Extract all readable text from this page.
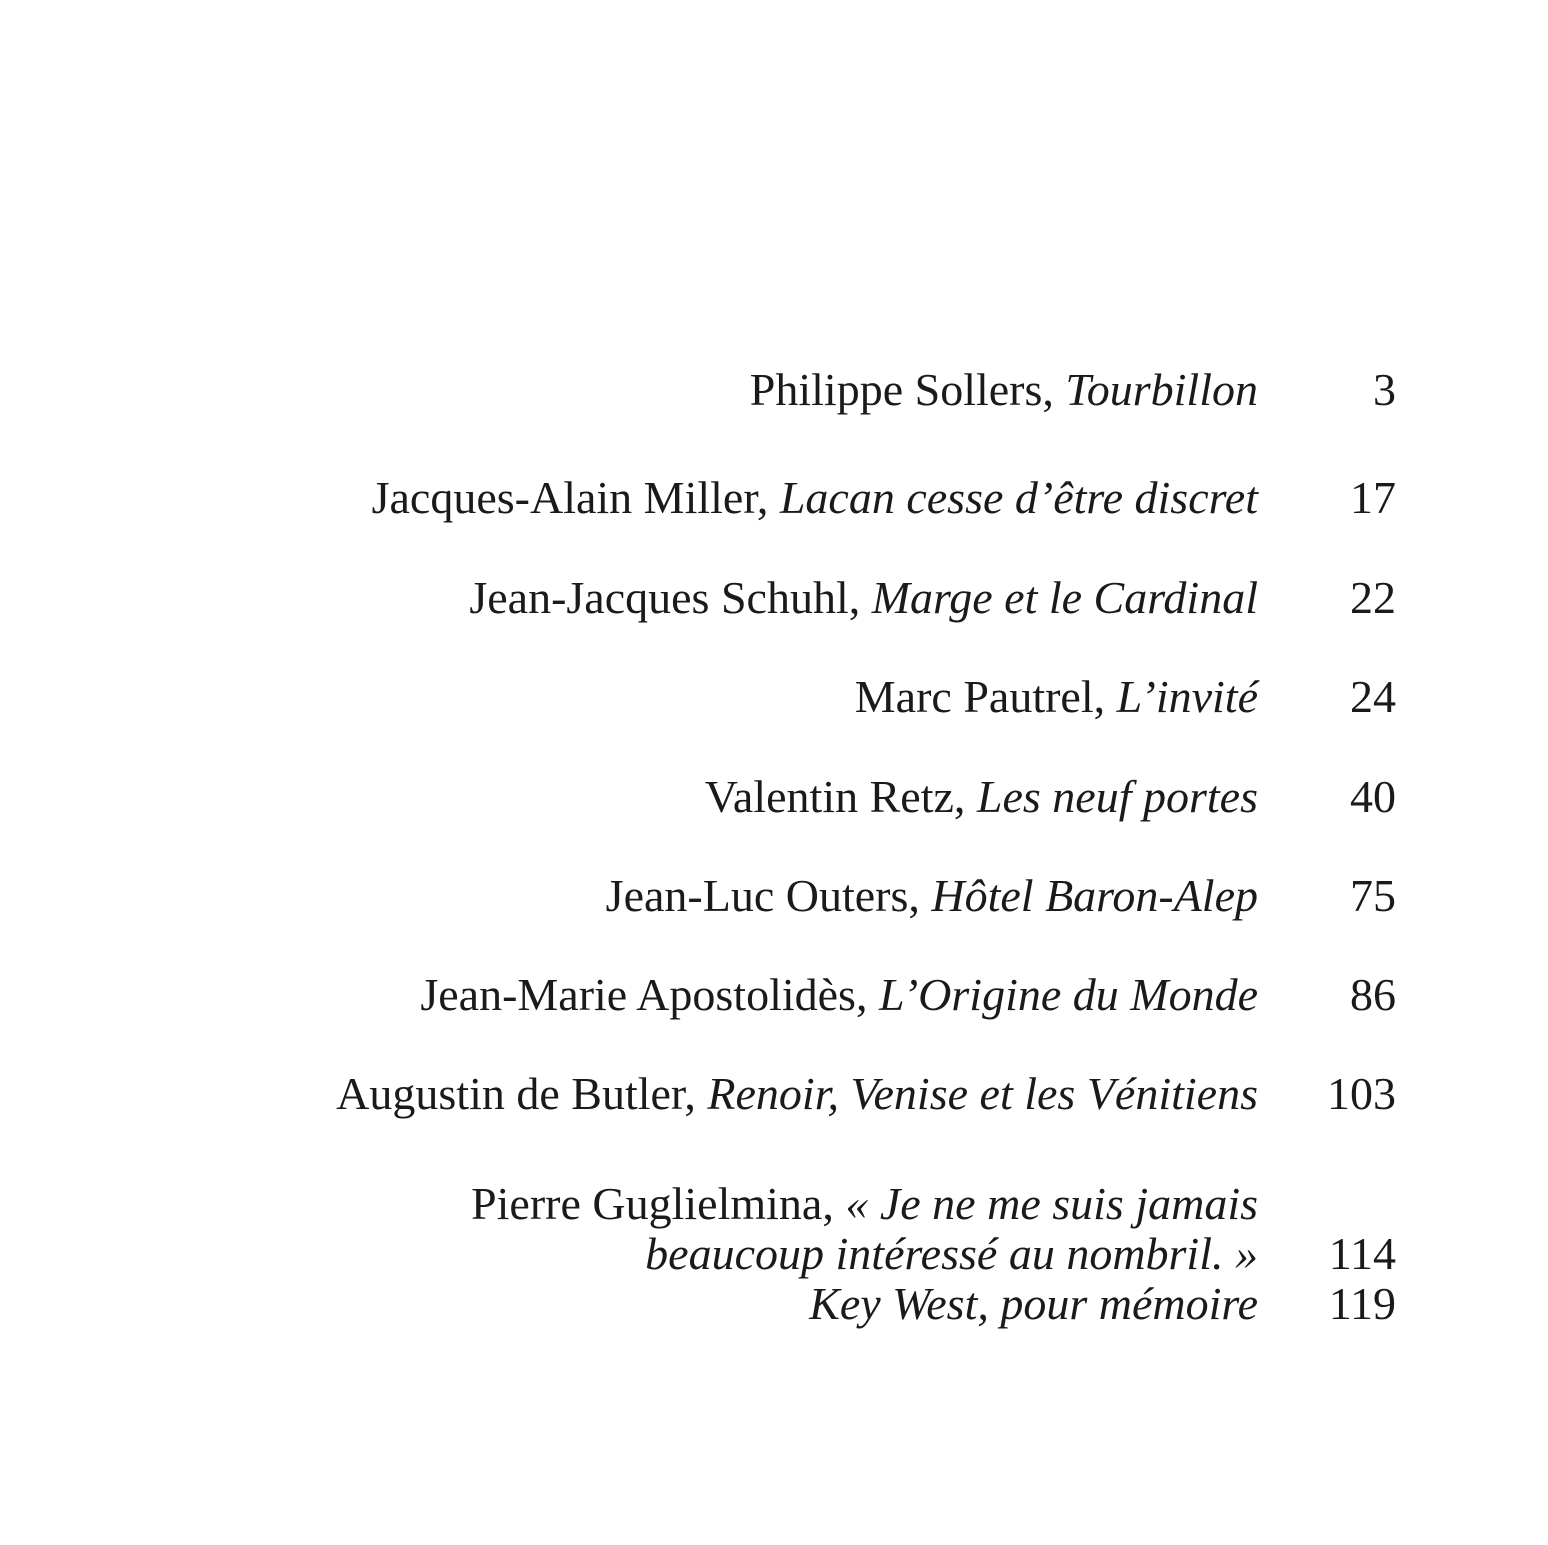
Philippe Sollers, Tourbillon	3
Jacques-Alain Miller, Lacan cesse d’être discret 17
Jean-Jacques Schuhl, Marge et le Cardinal 22
Marc Pautrel, L’invité 24
Valentin Retz, Les neuf portes 40
Jean-Luc Outers, Hôtel Baron-Alep 75
Jean-Marie Apostolidès, L’Origine du Monde 86
Augustin de Butler, Renoir, Venise et les Vénitiens 103
Pierre Guglielmina, « Je ne me suis jamais
beaucoup intéressé au nombril. » 114
Key West, pour mémoire 119
